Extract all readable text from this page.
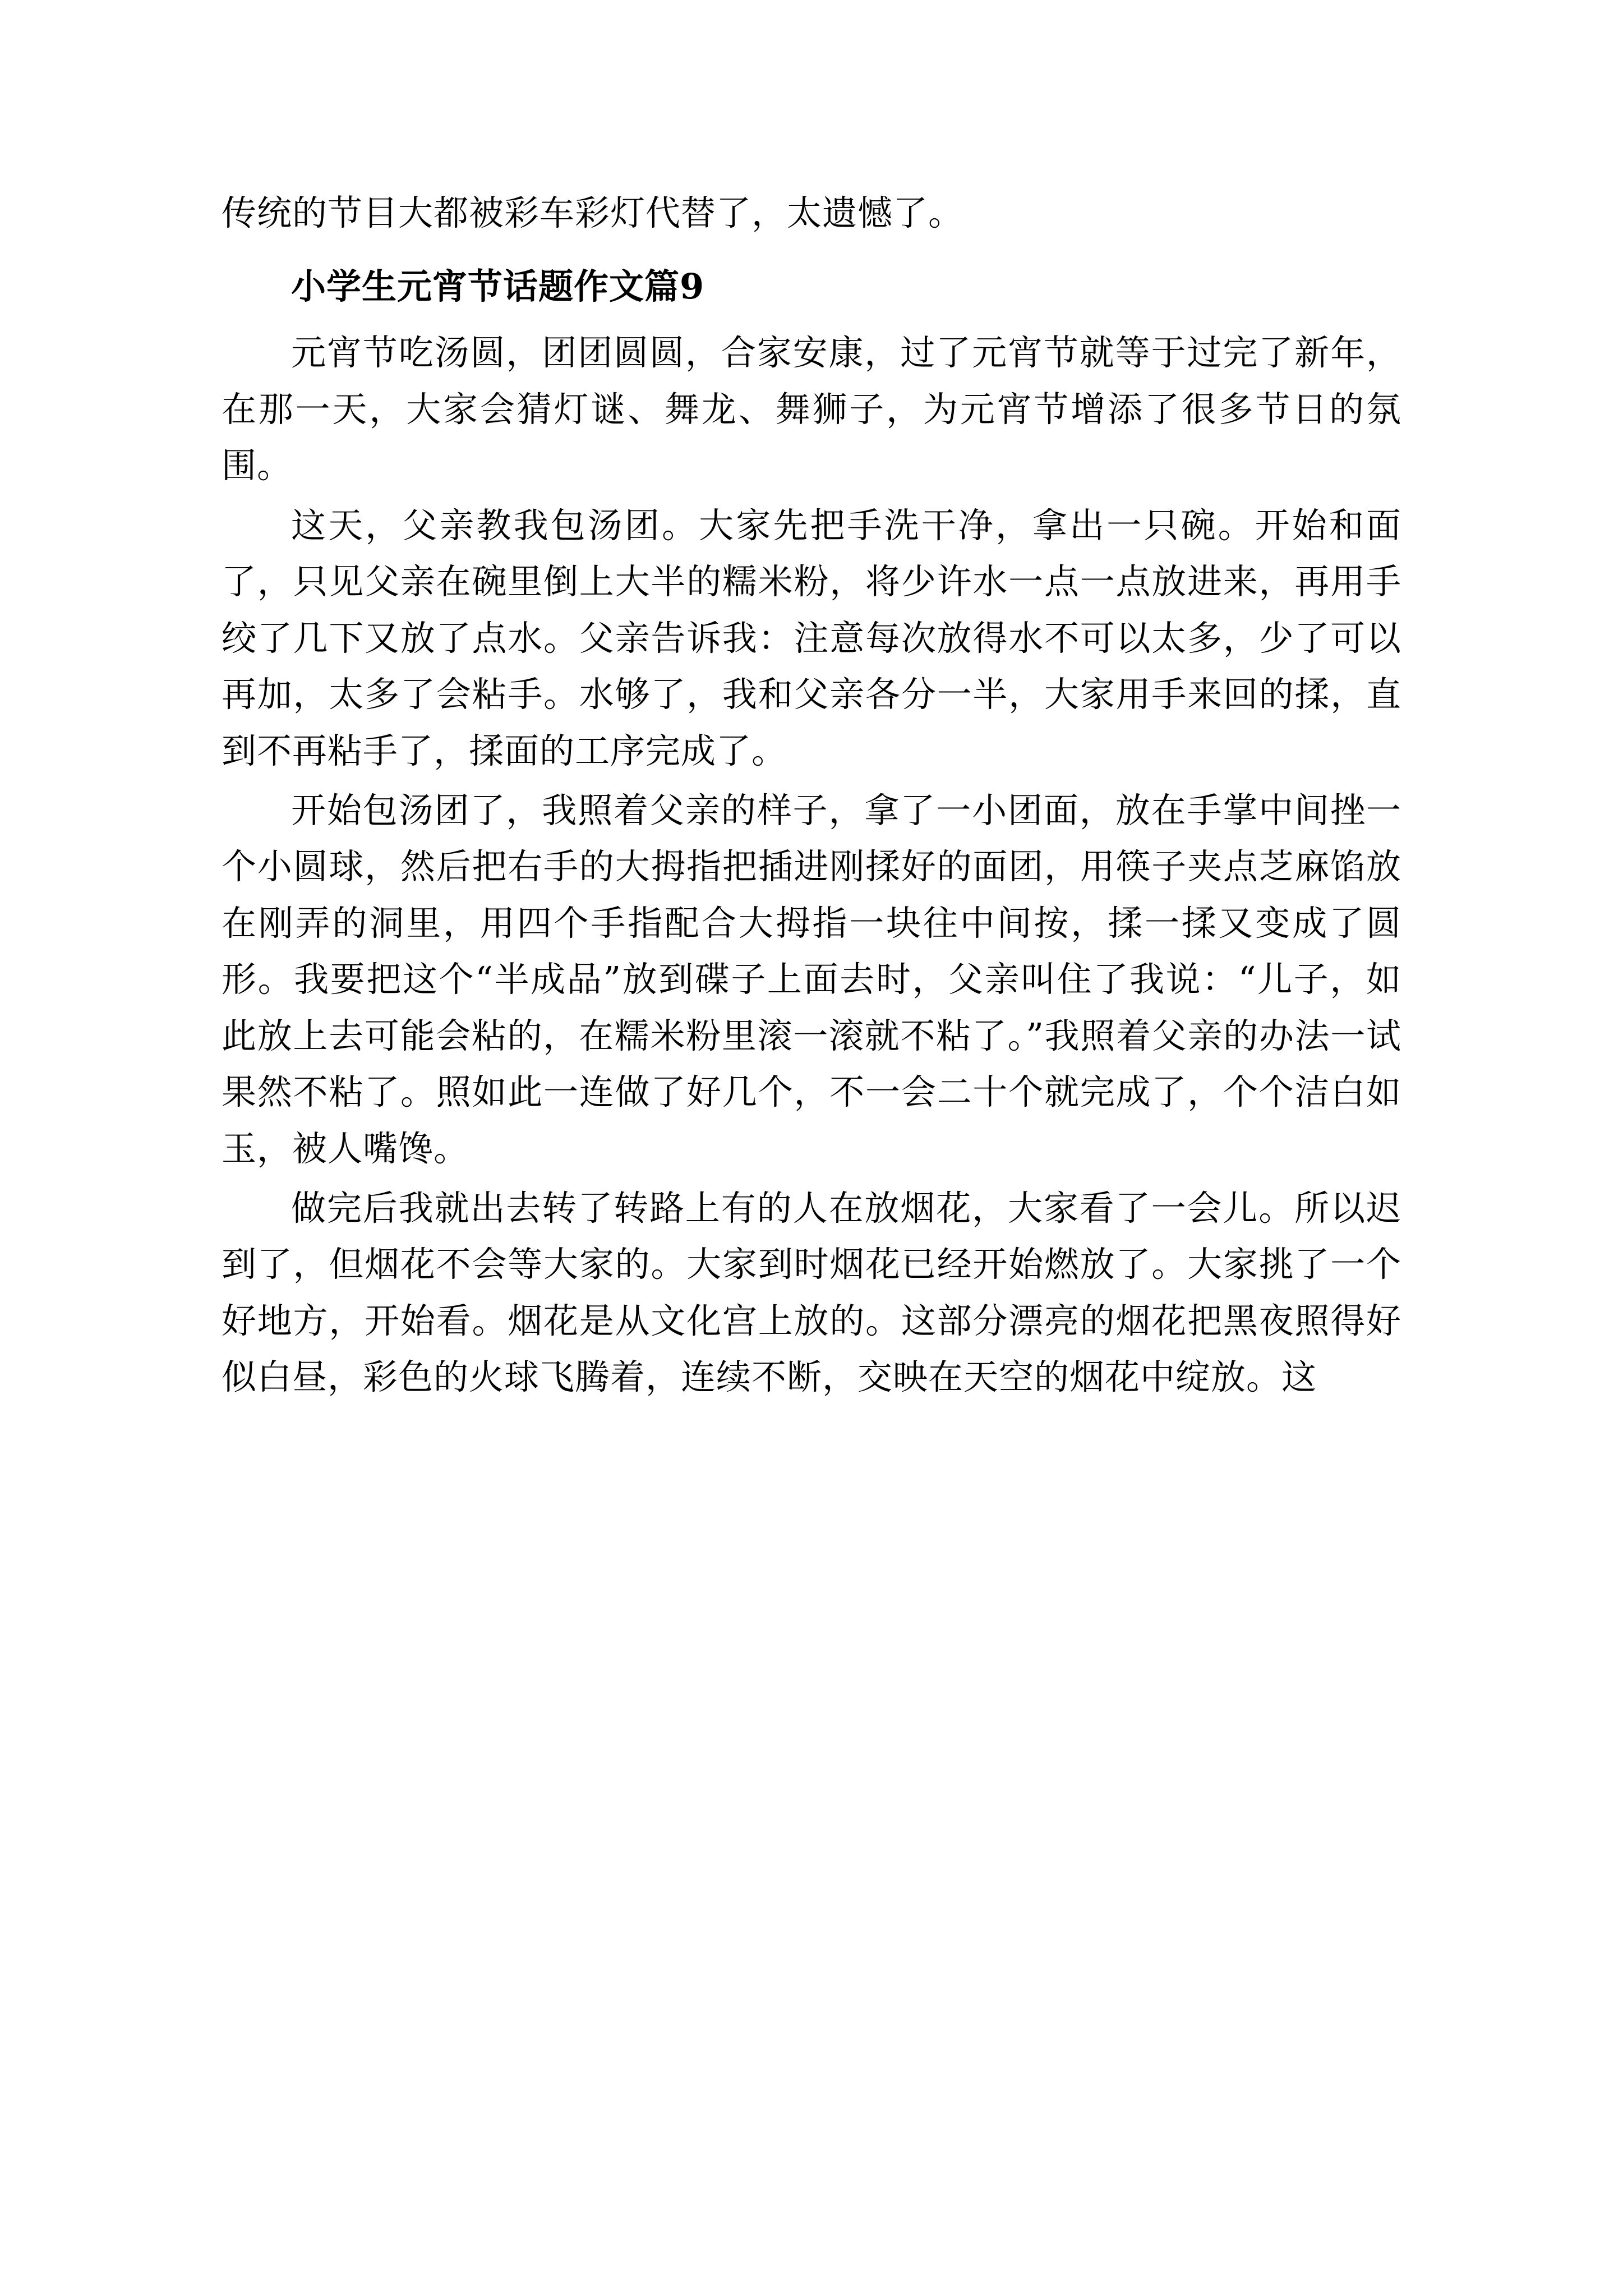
传统的节目大都被彩车彩灯代替了，太遗憾了。

小学生元宵节话题作文篇9

元宵节吃汤圆，团团圆圆，合家安康，过了元宵节就等于过完了新年，在那一天，大家会猜灯谜、舞龙、舞狮子，为元宵节增添了很多节日的氛围。

这天，父亲教我包汤团。大家先把手洗干净，拿出一只碗。开始和面了，只见父亲在碗里倒上大半的糯米粉，将少许水一点一点放进来，再用手绞了几下又放了点水。父亲告诉我：注意每次放得水不可以太多，少了可以再加，太多了会粘手。水够了，我和父亲各分一半，大家用手来回的揉，直到不再粘手了，揉面的工序完成了。

开始包汤团了，我照着父亲的样子，拿了一小团面，放在手掌中间挫一个小圆球，然后把右手的大拇指把插进刚揉好的面团，用筷子夹点芝麻馅放在刚弄的洞里，用四个手指配合大拇指一块往中间按，揉一揉又变成了圆形。我要把这个“半成品”放到碟子上面去时，父亲叫住了我说：“儿子，如此放上去可能会粘的，在糯米粉里滚一滚就不粘了。”我照着父亲的办法一试果然不粘了。照如此一连做了好几个，不一会二十个就完成了，个个洁白如玉，被人嘴馋。

做完后我就出去转了转路上有的人在放烟花，大家看了一会儿。所以迟到了，但烟花不会等大家的。大家到时烟花已经开始燃放了。大家挑了一个好地方，开始看。烟花是从文化宫上放的。这部分漂亮的烟花把黑夜照得好似白昼，彩色的火球飞腾着，连续不断，交映在天空的烟花中绽放。这
